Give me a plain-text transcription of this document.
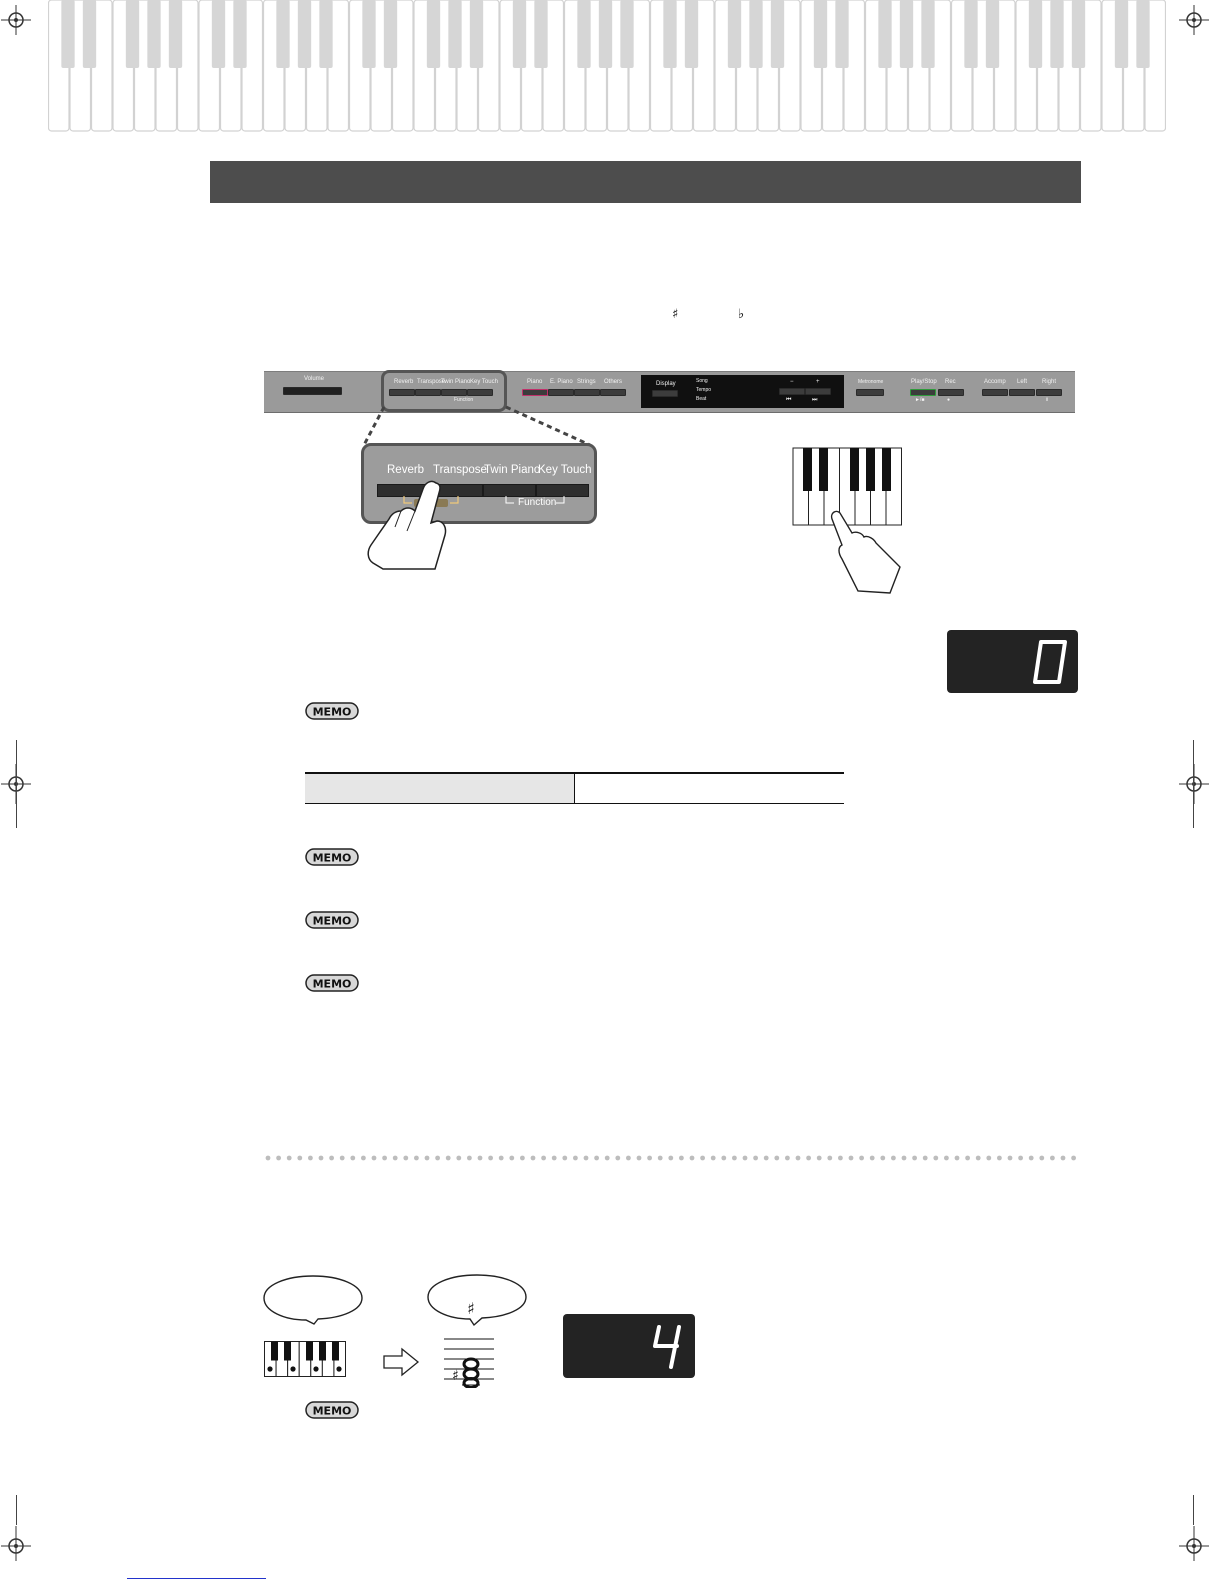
♯	♭
Volume	Reverb Transpose
Twin Piano Key Touch
Function
Piano E. Piano Strings Others	Display	Song
Tempo
Beat
−	+
⏮	⏭
Metronome	Play/Stop Rec
►/■	●
Accomp Left Right
Ⅱ
Reverb Transpose
Twin Piano
Key Touch
Function
MEMO
MEMO
MEMO
MEMO
MEMO
♯
♯
